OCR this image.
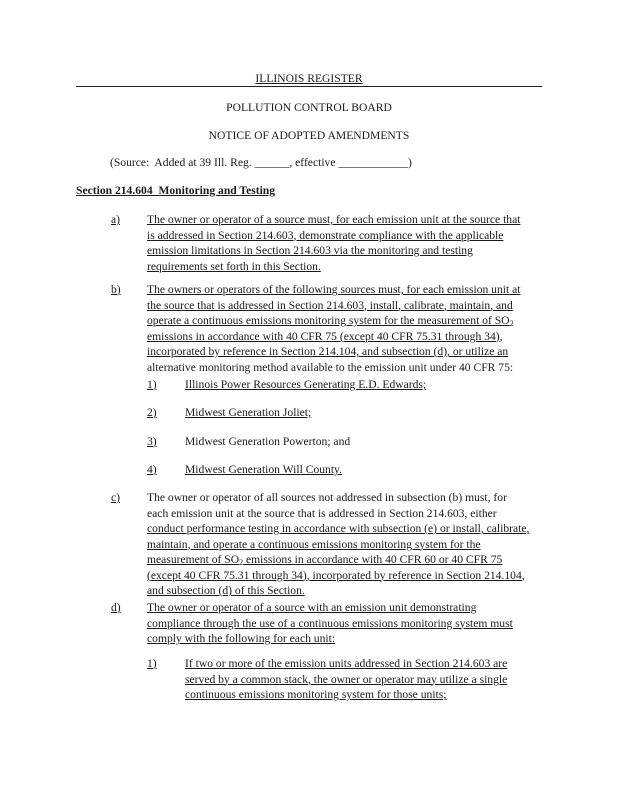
ILLINOIS REGISTER
POLLUTION CONTROL BOARD
NOTICE OF ADOPTED AMENDMENTS
(Source:  Added at 39 Ill. Reg. ______, effective ____________)
Section 214.604  Monitoring and Testing
a) The owner or operator of a source must, for each emission unit at the source that
is addressed in Section 214.603, demonstrate compliance with the applicable
emission limitations in Section 214.603 via the monitoring and testing
requirements set forth in this Section.
b) The owners or operators of the following sources must, for each emission unit at
the source that is addressed in Section 214.603, install, calibrate, maintain, and
operate a continuous emissions monitoring system for the measurement of $SO_2$
emissions in accordance with 40 CFR 75 (except 40 CFR 75.31 through 34),
incorporated by reference in Section 214.104, and subsection (d), or utilize an
alternative monitoring method available to the emission unit under 40 CFR 75:
1) Illinois Power Resources Generating E.D. Edwards;
2) Midwest Generation Joliet;
3) Midwest Generation Powerton; and
4) Midwest Generation Will County.
c) The owner or operator of all sources not addressed in subsection (b) must, for
each emission unit at the source that is addressed in Section 214.603, either
conduct performance testing in accordance with subsection (e) or install, calibrate,
maintain, and operate a continuous emissions monitoring system for the
measurement of $SO_2$ emissions in accordance with 40 CFR 60 or 40 CFR 75
(except 40 CFR 75.31 through 34), incorporated by reference in Section 214.104,
and subsection (d) of this Section.
d) The owner or operator of a source with an emission unit demonstrating
compliance through the use of a continuous emissions monitoring system must
comply with the following for each unit:
1) If two or more of the emission units addressed in Section 214.603 are
served by a common stack, the owner or operator may utilize a single
continuous emissions monitoring system for those units;
